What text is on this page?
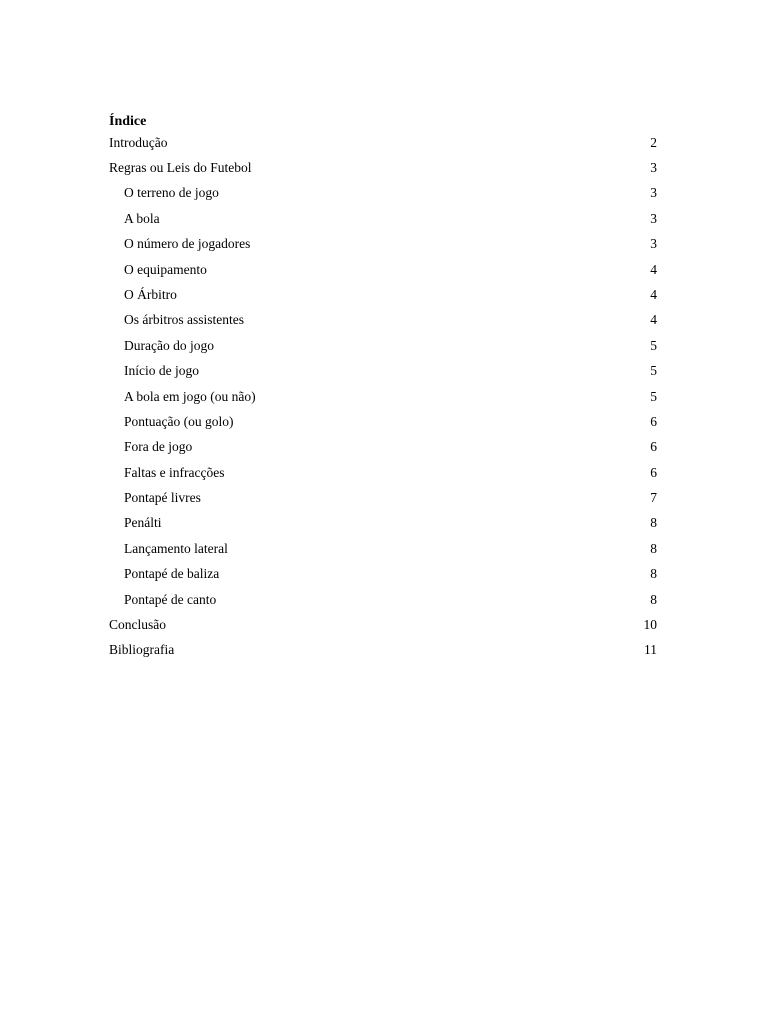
Índice
Introdução	2
Regras ou Leis do Futebol	3
O terreno de jogo	3
A bola	3
O número de jogadores	3
O equipamento	4
O Árbitro	4
Os árbitros assistentes	4
Duração do jogo	5
Início de jogo	5
A bola em jogo (ou não)	5
Pontuação (ou golo)	6
Fora de jogo	6
Faltas e infracções	6
Pontapé livres	7
Penálti	8
Lançamento lateral	8
Pontapé de baliza	8
Pontapé de canto	8
Conclusão	10
Bibliografia	11
